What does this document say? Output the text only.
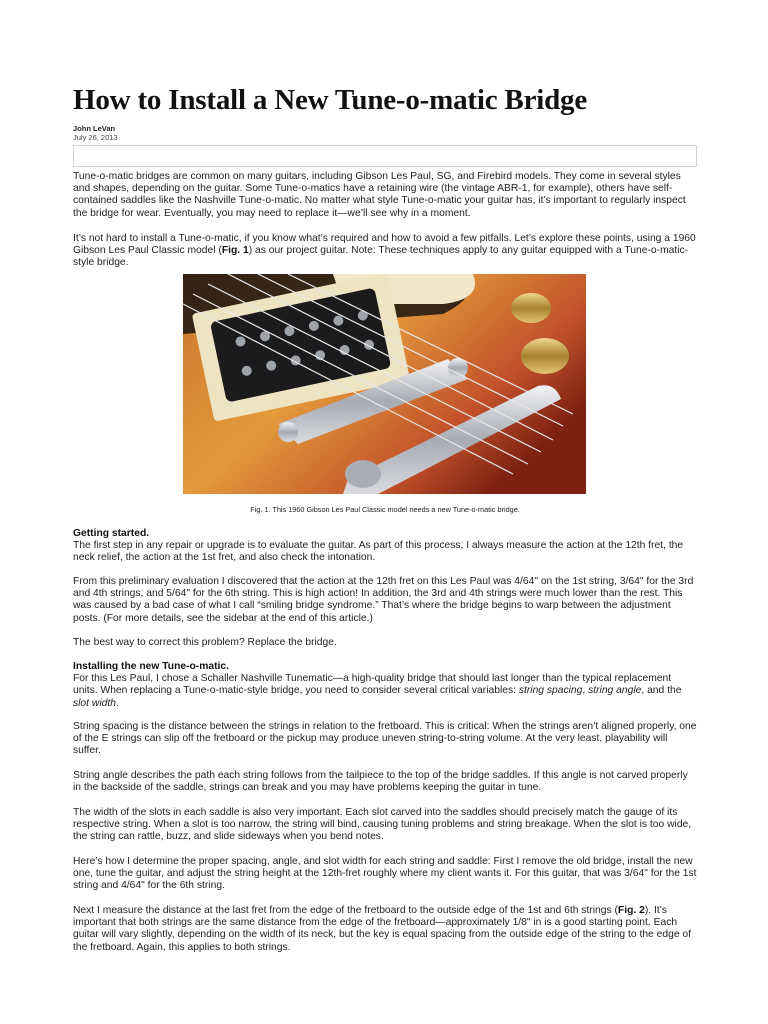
How to Install a New Tune-o-matic Bridge
John LeVan
July 26, 2013

Tune-o-matic bridges are common on many guitars, including Gibson Les Paul, SG, and Firebird models. They come in several styles and shapes, depending on the guitar. Some Tune-o-matics have a retaining wire (the vintage ABR-1, for example), others have self-contained saddles like the Nashville Tune-o-matic. No matter what style Tune-o-matic your guitar has, it’s important to regularly inspect the bridge for wear. Eventually, you may need to replace it—we’ll see why in a moment.

It’s not hard to install a Tune-o-matic, if you know what’s required and how to avoid a few pitfalls. Let’s explore these points, using a 1960 Gibson Les Paul Classic model (Fig. 1) as our project guitar. Note: These techniques apply to any guitar equipped with a Tune-o-matic-style bridge.

Fig. 1. This 1960 Gibson Les Paul Classic model needs a new Tune-o-matic bridge.

Getting started.
The first step in any repair or upgrade is to evaluate the guitar. As part of this process, I always measure the action at the 12th fret, the neck relief, the action at the 1st fret, and also check the intonation.

From this preliminary evaluation I discovered that the action at the 12th fret on this Les Paul was 4/64" on the 1st string, 3/64" for the 3rd and 4th strings, and 5/64" for the 6th string. This is high action! In addition, the 3rd and 4th strings were much lower than the rest. This was caused by a bad case of what I call “smiling bridge syndrome.” That’s where the bridge begins to warp between the adjustment posts. (For more details, see the sidebar at the end of this article.)

The best way to correct this problem? Replace the bridge.

Installing the new Tune-o-matic.
For this Les Paul, I chose a Schaller Nashville Tunematic—a high-quality bridge that should last longer than the typical replacement units. When replacing a Tune-o-matic-style bridge, you need to consider several critical variables: string spacing, string angle, and the slot width.

String spacing is the distance between the strings in relation to the fretboard. This is critical: When the strings aren’t aligned properly, one of the E strings can slip off the fretboard or the pickup may produce uneven string-to-string volume. At the very least, playability will suffer.

String angle describes the path each string follows from the tailpiece to the top of the bridge saddles. If this angle is not carved properly in the backside of the saddle, strings can break and you may have problems keeping the guitar in tune.

The width of the slots in each saddle is also very important. Each slot carved into the saddles should precisely match the gauge of its respective string. When a slot is too narrow, the string will bind, causing tuning problems and string breakage. When the slot is too wide, the string can rattle, buzz, and slide sideways when you bend notes.

Here’s how I determine the proper spacing, angle, and slot width for each string and saddle: First I remove the old bridge, install the new one, tune the guitar, and adjust the string height at the 12th-fret roughly where my client wants it. For this guitar, that was 3/64" for the 1st string and 4/64" for the 6th string.

Next I measure the distance at the last fret from the edge of the fretboard to the outside edge of the 1st and 6th strings (Fig. 2). It’s important that both strings are the same distance from the edge of the fretboard—approximately 1/8" in is a good starting point. Each guitar will vary slightly, depending on the width of its neck, but the key is equal spacing from the outside edge of the string to the edge of the fretboard. Again, this applies to both strings.
